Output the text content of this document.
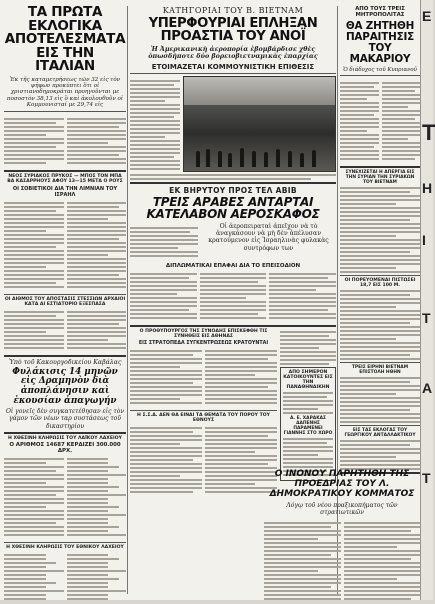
ΤΑ ΠΡΩΤΑ ΕΚΛΟΓΙΚΑ ΑΠΟΤΕΛΕΣΜΑΤΑ ΕΙΣ ΤΗΝ ΙΤΑΛΙΑΝ
Ἐκ τῆς καταμετρήσεως τῶν 32 εἰς τὸν ψήφων προκύπτει ὅτι οἱ χριστιανοδημοκράται προηγοῦνται με ποσοστὸν 38,13 εἰς ὃ καὶ ἀκολουθοῦν οἱ Κομμουνισταί με 29,74 εἰς
ΝΕΟΣ ΣΥΡΙΑΚΟΣ ΠΡΥΚΟΣ — ΜΠΟΣ ΤΟΝ ΜΠΑ ΒΑ ΚΑΣΑΡΡΗΟΥΣ ΑΦΟΥ 13—15 ΜΕΤΑ Ο ΡΟΥΣ
ΟΙ ΣΟΒΙΕΤΙΚΟΙ ΔΙΑ ΤΗΝ ΛΙΜΝΙΑΝ ΤΟΥ ΙΣΡΑΗΛ
ΟΙ ΑΙΘΜΟΣ ΤΟΥ ΑΠΟΣΤΑΣΙΣ ΣΤΕΣΣΙΩΝ ΑΡΧΑΙΟΙ ΚΑΤΑ ΑΙ ΕΣΤΙΑΤΟΡΙΟ ΕΞΕΣΠΑΣΑ
Ὑπὸ τοῦ Κακουργοδικείου Καβάλας
Φυλάκισις 14 μηνῶν εἰς Δραμηνὸν διὰ ἀποπλάνησιν καὶ ἐκουσίαν ἀπαγωγήν
Οἱ γονεῖς δὲν συγκατετέθησαν εἰς τὸν γάμον τῶν νέων ταρ συστάσεως τοῦ δικαστηρίου
Η ΧΘΕΣΙΝΗ ΚΛΗΡΩΣΙΣ ΤΟΥ ΛΑΪΚΟΥ ΛΑΧΕΙΟΥ
Ο ΑΡΙΘΜΟΣ 14687 ΚΕΡΔΙΖΕΙ 300.000 ΔΡΧ.
Η ΧΘΕΣΙΝΗ ΚΛΗΡΩΣΙΣ ΤΟΥ ΕΘΝΙΚΟΥ ΛΑΧΕΙΟΥ
ΚΑΤΗΓΟΡΙΑΙ ΤΟΥ Β. ΒΙΕΤΝΑΜ
ΥΠΕΡΦΟΥΡΙΑΙ ΕΠΛΗΞΑΝ ΠΡΟΑΣΤΙΑ ΤΟΥ ΑΝΟΪ
Ἡ Ἀμερικανικὴ ἀεροπορία ἐβομβάρδισε χθὲς ὁπωσδήποτε δύο βορειοβιετναμικὰς ἐπαρχίας
ΕΤΟΙΜΑΖΕΤΑΙ ΚΟΜΜΟΥΝΙΣΤΙΚΗ ΕΠΙΘΕΣΙΣ
ΕΚ ΒΗΡΥΤΟΥ ΠΡΟΣ ΤΕΛ ΑΒΙΒ
ΤΡΕΙΣ ΑΡΑΒΕΣ ΑΝΤΑΡΤΑΙ ΚΑΤΕΛΑΒΟΝ ΑΕΡΟΣΚΑΦΟΣ
Οἱ ἀεροπειραταὶ ἀπεῖχον νὰ τὸ ἀναγκάσουν νὰ μὴ δὲν ἀπέλυσαν κρατούμενον εἰς Ἰσραηλινὰς φυλακὰς συντρόφων των
ΔΙΠΛΩΜΑΤΙΚΑΙ ΕΠΑΦΑΙ ΔΙΑ ΤΟ ΕΠΕΙΣΟΔΙΟΝ
Ο ΠΡΟΘΥΠΟΥΡΓΟΣ ΤΗΣ ΣΥΝΟΔΗΣ ΕΠΙΣΚΕΦΘΗ ΤΙΣ ΣΥΝΗΘΕΙΣ ΕΙΣ ΑΘΗΝΑΣ
ΕΙΣ ΣΤΡΑΤΟΠΕΔΑ ΣΥΓΚΕΝΤΡΩΣΕΩΣ ΚΡΑΤΟΥΝΤΑΙ
Η Σ.Σ.Δ. ΔΕΝ ΘΑ ΕΙΝΑΙ ΤΑ ΘΕΜΑΤΑ ΤΟΥ ΠΟΡΟΥ ΤΟΥ ΕΘΝΟΥΣ
ΑΠΟ ΣΗΜΕΡΟΝ ΚΑΤΟΙΚΟΥΝΤΕΣ ΕΙΣ ΤΗΝ ΠΑΝΑΘΗΝΑΙΚΗΝ
Α. Ε. ΧΑΡΑΚΑΣ ΔΑΠΕΝΗΣ ΠΑΡΑΜΕΝΕΙ ΓΙΑΝΝΗΣ ΣΤΟ ΧΩΡΟ
ΑΠΟ ΤΟΥΣ ΤΡΕΙΣ ΜΗΤΡΟΠΟΛΙΤΑΣ
ΘΑ ΖΗΤΗΘΗ ΠΑΡΑΙΤΗΣΙΣ ΤΟΥ ΜΑΚΑΡΙΟΥ
Ὁ διάδοχος τοῦ Κυπριανοῦ
ΣΥΝΕΧΙΖΕΤΑΙ Η ΑΠΕΡΓΙΑ ΕΙΣ ΤΗΝ ΣΥΡΙΑΝ ΤΗΝ ΣΥΡΙΑΚΩΝ ΤΟΥ ΒΙΕΤΝΑΜ
ΟΙ ΠΟΡΕΥΟΜΕΝΑΙ ΠΙΣΤΩΣΕΙ 18,7 ΕΙΣ 100 Μ.
ΤΡΕΙΣ ΕΙΡΗΝΙ ΒΙΕΤΝΑΜ ΕΠΙΣΤΟΛΗ ΗΘΗΝ
ΕΙΣ ΤΑΣ ΕΚΛΟΓΑΣ ΤΟΥ ΓΕΩΡΓΙΚΟΥ ΑΝΤΑΛΛΑΚΤΙΚΟΥ
Ο ΙΝΟΝΟΥ ΠΑΡΗΤΗΘΗ ΤΗΣ ΠΡΟΕΔΡΙΑΣ ΤΟΥ Λ. ΔΗΜΟΚΡΑΤΙΚΟΥ ΚΟΜΜΑΤΟΣ
Λόγῳ τοῦ νέου πραξικοπήματος τῶν στρατιωτικῶν
Ε
Τ
Η
Ι
Τ
Α
Τ
